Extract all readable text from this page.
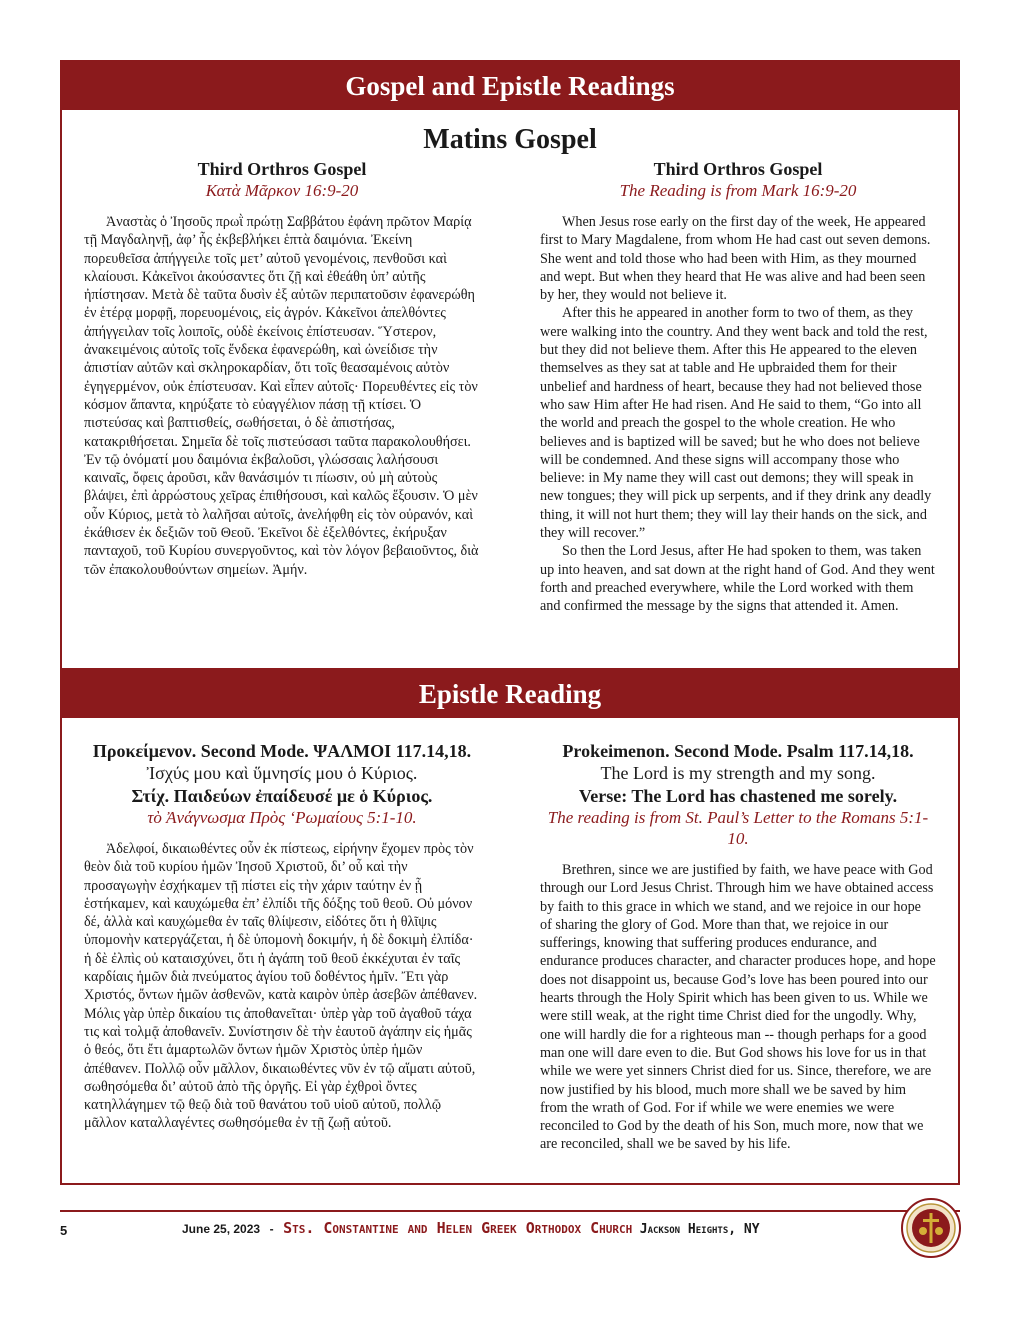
Gospel and Epistle Readings
Matins Gospel
Third Orthros Gospel
Κατὰ Μᾶρκον 16:9-20

Ἀναστὰς ὁ Ἰησοῦς πρωῒ πρώτῃ Σαββάτου ἐφάνη πρῶτον Μαρίᾳ τῇ Μαγδαληνῇ, ἀφ’ ἧς ἐκβεβλήκει ἑπτὰ δαιμόνια. Ἐκείνη πορευθεῖσα ἀπήγγειλε τοῖς μετ’ αὐτοῦ γενομένοις, πενθοῦσι καὶ κλαίουσι. Κἀκεῖνοι ἀκούσαντες ὅτι ζῇ καὶ ἐθεάθη ὑπ’ αὐτῆς ἠπίστησαν. Μετὰ δὲ ταῦτα δυσὶν ἐξ αὐτῶν περιπατοῦσιν ἐφανερώθη ἐν ἑτέρᾳ μορφῇ, πορευομένοις, εἰς ἀγρόν. Κἀκεῖνοι ἀπελθόντες ἀπήγγειλαν τοῖς λοιποῖς, οὐδὲ ἐκείνοις ἐπίστευσαν. Ὕστερον, ἀνακειμένοις αὐτοῖς τοῖς ἕνδεκα ἐφανερώθη, καὶ ὠνείδισε τὴν ἀπιστίαν αὐτῶν καὶ σκληροκαρδίαν, ὅτι τοῖς θεασαμένοις αὐτὸν ἐγηγερμένον, οὐκ ἐπίστευσαν. Καὶ εἶπεν αὐτοῖς· Πορευθέντες εἰς τὸν κόσμον ἅπαντα, κηρύξατε τὸ εὐαγγέλιον πάσῃ τῇ κτίσει. Ὁ πιστεύσας καὶ βαπτισθείς, σωθήσεται, ὁ δὲ ἀπιστήσας, κατακριθήσεται. Σημεῖα δὲ τοῖς πιστεύσασι ταῦτα παρακολουθήσει. Ἐν τῷ ὀνόματί μου δαιμόνια ἐκβαλοῦσι, γλώσσαις λαλήσουσι καιναῖς, ὄφεις ἀροῦσι, κἂν θανάσιμόν τι πίωσιν, οὐ μὴ αὐτοὺς βλάψει, ἐπὶ ἀρρώστους χεῖρας ἐπιθήσουσι, καὶ καλῶς ἕξουσιν. Ὁ μὲν οὖν Κύριος, μετὰ τὸ λαλῆσαι αὐτοῖς, ἀνελήφθη εἰς τὸν οὐρανόν, καὶ ἐκάθισεν ἐκ δεξιῶν τοῦ Θεοῦ. Ἐκεῖνοι δὲ ἐξελθόντες, ἐκήρυξαν πανταχοῦ, τοῦ Κυρίου συνεργοῦντος, καὶ τὸν λόγον βεβαιοῦντος, διὰ τῶν ἐπακολουθούντων σημείων. Ἀμήν.

Third Orthros Gospel
The Reading is from Mark 16:9-20

When Jesus rose early on the first day of the week, He appeared first to Mary Magdalene, from whom He had cast out seven demons. She went and told those who had been with Him, as they mourned and wept. But when they heard that He was alive and had been seen by her, they would not believe it.

After this he appeared in another form to two of them, as they were walking into the country. And they went back and told the rest, but they did not believe them. After this He appeared to the eleven themselves as they sat at table and He upbraided them for their unbelief and hardness of heart, because they had not believed those who saw Him after He had risen. And He said to them, “Go into all the world and preach the gospel to the whole creation. He who believes and is baptized will be saved; but he who does not believe will be condemned. And these signs will accompany those who believe: in My name they will cast out demons; they will speak in new tongues; they will pick up serpents, and if they drink any deadly thing, it will not hurt them; they will lay their hands on the sick, and they will recover.”

So then the Lord Jesus, after He had spoken to them, was taken up into heaven, and sat down at the right hand of God. And they went forth and preached everywhere, while the Lord worked with them and confirmed the message by the signs that attended it. Amen.

Epistle Reading
Προκείμενον. Second Mode. ΨΑΛΜΟΙ 117.14,18.
Ἰσχύς μου καὶ ὕμνησίς μου ὁ Κύριος.
Στίχ. Παιδεύων ἐπαίδευσέ με ὁ Κύριος.
τὸ Ἀνάγνωσμα Πρὸς ‘Ρωμαίους 5:1-10.

Ἀδελφοί, δικαιωθέντες οὖν ἐκ πίστεως, εἰρήνην ἔχομεν πρὸς τὸν θεὸν διὰ τοῦ κυρίου ἡμῶν Ἰησοῦ Χριστοῦ, δι’ οὗ καὶ τὴν προσαγωγὴν ἐσχήκαμεν τῇ πίστει εἰς τὴν χάριν ταύτην ἐν ᾗ ἑστήκαμεν, καὶ καυχώμεθα ἐπ’ ἐλπίδι τῆς δόξης τοῦ θεοῦ. Οὐ μόνον δέ, ἀλλὰ καὶ καυχώμεθα ἐν ταῖς θλίψεσιν, εἰδότες ὅτι ἡ θλῖψις ὑπομονὴν κατεργάζεται, ἡ δὲ ὑπομονὴ δοκιμήν, ἡ δὲ δοκιμὴ ἐλπίδα· ἡ δὲ ἐλπὶς οὐ καταισχύνει, ὅτι ἡ ἀγάπη τοῦ θεοῦ ἐκκέχυται ἐν ταῖς καρδίαις ἡμῶν διὰ πνεύματος ἁγίου τοῦ δοθέντος ἡμῖν. Ἔτι γὰρ Χριστός, ὄντων ἡμῶν ἀσθενῶν, κατὰ καιρὸν ὑπὲρ ἀσεβῶν ἀπέθανεν. Μόλις γὰρ ὑπὲρ δικαίου τις ἀποθανεῖται· ὑπὲρ γὰρ τοῦ ἀγαθοῦ τάχα τις καὶ τολμᾷ ἀποθανεῖν. Συνίστησιν δὲ τὴν ἑαυτοῦ ἀγάπην εἰς ἡμᾶς ὁ θεός, ὅτι ἔτι ἁμαρτωλῶν ὄντων ἡμῶν Χριστὸς ὑπὲρ ἡμῶν ἀπέθανεν. Πολλῷ οὖν μᾶλλον, δικαιωθέντες νῦν ἐν τῷ αἵματι αὐτοῦ, σωθησόμεθα δι’ αὐτοῦ ἀπὸ τῆς ὀργῆς. Εἰ γὰρ ἐχθροὶ ὄντες κατηλλάγημεν τῷ θεῷ διὰ τοῦ θανάτου τοῦ υἱοῦ αὐτοῦ, πολλῷ μᾶλλον καταλλαγέντες σωθησόμεθα ἐν τῇ ζωῇ αὐτοῦ.

Prokeimenon. Second Mode. Psalm 117.14,18.
The Lord is my strength and my song.
Verse: The Lord has chastened me sorely.
The reading is from St. Paul’s Letter to the Romans 5:1-10.

Brethren, since we are justified by faith, we have peace with God through our Lord Jesus Christ. Through him we have obtained access by faith to this grace in which we stand, and we rejoice in our hope of sharing the glory of God. More than that, we rejoice in our sufferings, knowing that suffering produces endurance, and endurance produces character, and character produces hope, and hope does not disappoint us, because God’s love has been poured into our hearts through the Holy Spirit which has been given to us. While we were still weak, at the right time Christ died for the ungodly. Why, one will hardly die for a righteous man -- though perhaps for a good man one will dare even to die. But God shows his love for us in that while we were yet sinners Christ died for us. Since, therefore, we are now justified by his blood, much more shall we be saved by him from the wrath of God. For if while we were enemies we were reconciled to God by the death of his Son, much more, now that we are reconciled, shall we be saved by his life.

5	June 25, 2023 - Sts. Constantine and Helen Greek Orthodox Church Jackson Heights, NY
